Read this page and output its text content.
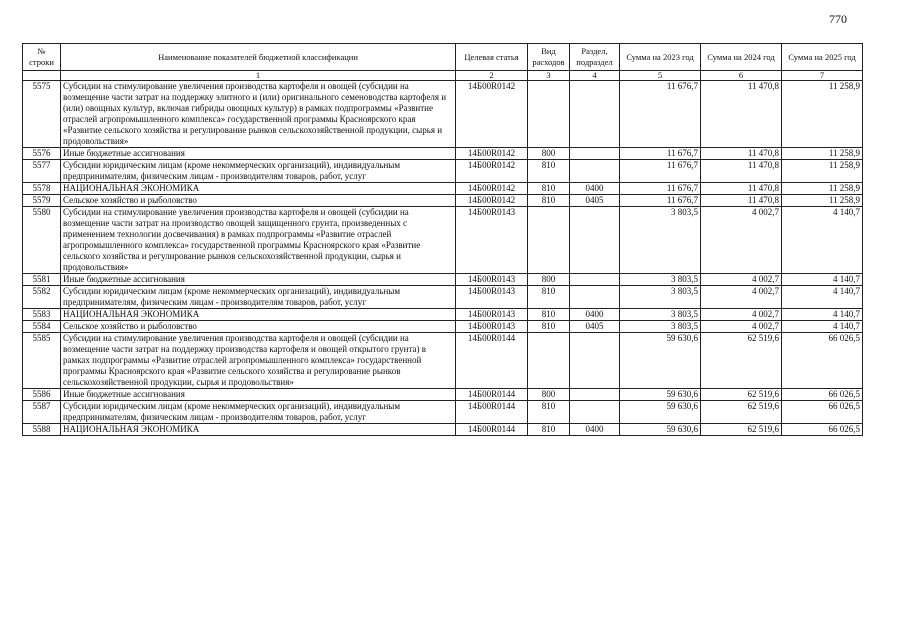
770
№ строки	Наименование показателей бюджетной классификации	Целевая статья	Вид расходов	Раздел, подраздел	Сумма на 2023 год	Сумма на 2024 год	Сумма на 2025 год
	1	2	3	4	5	6	7
5575	Субсидии на стимулирование увеличения производства картофеля и овощей (субсидии на возмещение части затрат на поддержку элитного и (или) оригинального семеноводства картофеля и (или) овощных культур, включая гибриды овощных культур) в рамках подпрограммы «Развитие отраслей агропромышленного комплекса» государственной программы Красноярского края «Развитие сельского хозяйства и регулирование рынков сельскохозяйственной продукции, сырья и продовольствия»	14Б00R0142			11 676,7	11 470,8	11 258,9
5576	Иные бюджетные ассигнования	14Б00R0142	800		11 676,7	11 470,8	11 258,9
5577	Субсидии юридическим лицам (кроме некоммерческих организаций), индивидуальным предпринимателям, физическим лицам - производителям товаров, работ, услуг	14Б00R0142	810		11 676,7	11 470,8	11 258,9
5578	НАЦИОНАЛЬНАЯ ЭКОНОМИКА	14Б00R0142	810	0400	11 676,7	11 470,8	11 258,9
5579	Сельское хозяйство и рыболовство	14Б00R0142	810	0405	11 676,7	11 470,8	11 258,9
5580	Субсидии на стимулирование увеличения производства картофеля и овощей (субсидии на возмещение части затрат на производство овощей защищенного грунта, произведенных с применением технологии досвечивания) в рамках подпрограммы «Развитие отраслей агропромышленного комплекса» государственной программы Красноярского края «Развитие сельского хозяйства и регулирование рынков сельскохозяйственной продукции, сырья и продовольствия»	14Б00R0143			3 803,5	4 002,7	4 140,7
5581	Иные бюджетные ассигнования	14Б00R0143	800		3 803,5	4 002,7	4 140,7
5582	Субсидии юридическим лицам (кроме некоммерческих организаций), индивидуальным предпринимателям, физическим лицам - производителям товаров, работ, услуг	14Б00R0143	810		3 803,5	4 002,7	4 140,7
5583	НАЦИОНАЛЬНАЯ ЭКОНОМИКА	14Б00R0143	810	0400	3 803,5	4 002,7	4 140,7
5584	Сельское хозяйство и рыболовство	14Б00R0143	810	0405	3 803,5	4 002,7	4 140,7
5585	Субсидии на стимулирование увеличения производства картофеля и овощей (субсидии на возмещение части затрат на поддержку производства картофеля и овощей открытого грунта) в рамках подпрограммы «Развитие отраслей агропромышленного комплекса» государственной программы Красноярского края «Развитие сельского хозяйства и регулирование рынков сельскохозяйственной продукции, сырья и продовольствия»	14Б00R0144			59 630,6	62 519,6	66 026,5
5586	Иные бюджетные ассигнования	14Б00R0144	800		59 630,6	62 519,6	66 026,5
5587	Субсидии юридическим лицам (кроме некоммерческих организаций), индивидуальным предпринимателям, физическим лицам - производителям товаров, работ, услуг	14Б00R0144	810		59 630,6	62 519,6	66 026,5
5588	НАЦИОНАЛЬНАЯ ЭКОНОМИКА	14Б00R0144	810	0400	59 630,6	62 519,6	66 026,5
